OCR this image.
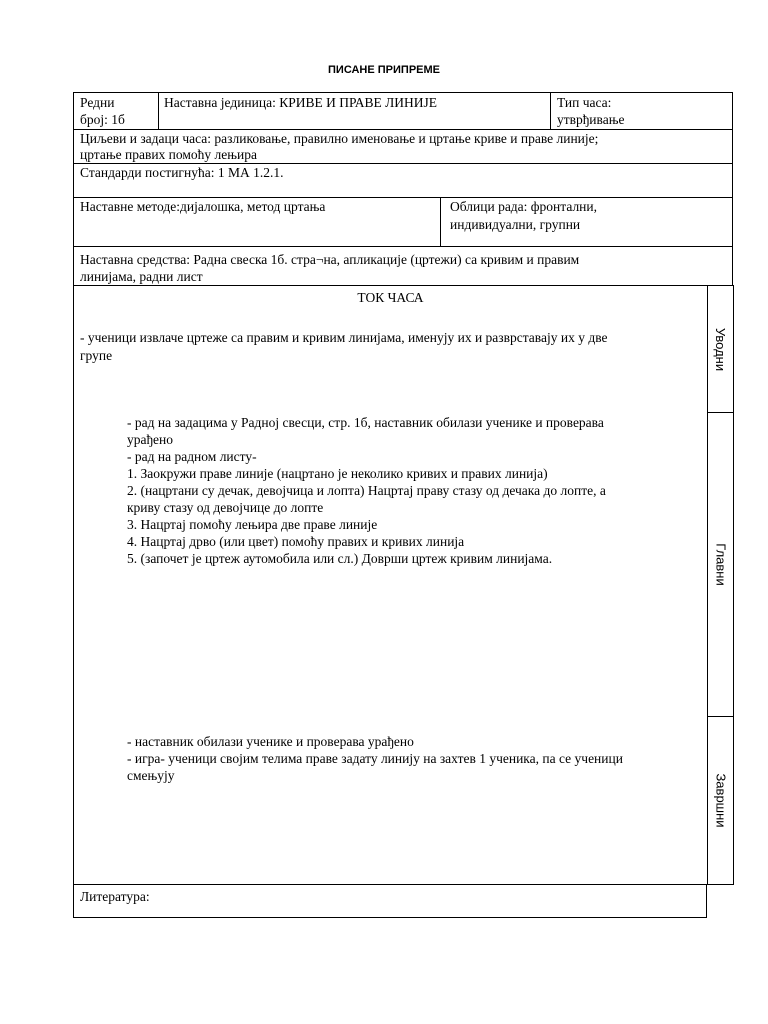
ПИСАНЕ ПРИПРЕМЕ
Редни
број: 1б
Наставна јединица: КРИВЕ И ПРАВЕ ЛИНИЈЕ	Тип часа:
утврђивање
Циљеви и задаци часа: разликовање, правилно именовање и цртање криве и праве линије;
цртање правих помоћу лењира
Стандарди постигнућа: 1 МА 1.2.1.
Наставне методе:дијалошка, метод цртања	Облици рада: фронтални,
индивидуални, групни
Наставна средства: Радна свеска 1б. стра¬на, апликације (цртежи) са кривим и правим
линијама, радни лист
ТОК ЧАСА
- ученици извлаче цртеже са правим и кривим линијама, именују их и разврставају их у две
групе
- рад на задацима у Радној свесци, стр. 1б, наставник обилази ученике и проверава
урађено
- рад на радном листу-
1. Заокружи праве линије (нацртано је неколико кривих и правих линија)
2. (нацртани су дечак, девојчица и лопта) Нацртај праву стазу од дечака до лопте, а
криву стазу од девојчице до лопте
3. Нацртај помоћу лењира две праве линије
4. Нацртај дрво (или цвет) помоћу правих и кривих линија
5. (започет је цртеж аутомобила или сл.) Доврши цртеж кривим линијама.
- наставник обилази ученике и проверава урађено
- игра- ученици својим телима праве задату линију на захтев 1 ученика, па се ученици
смењују
Уводни
Главни
Завршни
Литература:
